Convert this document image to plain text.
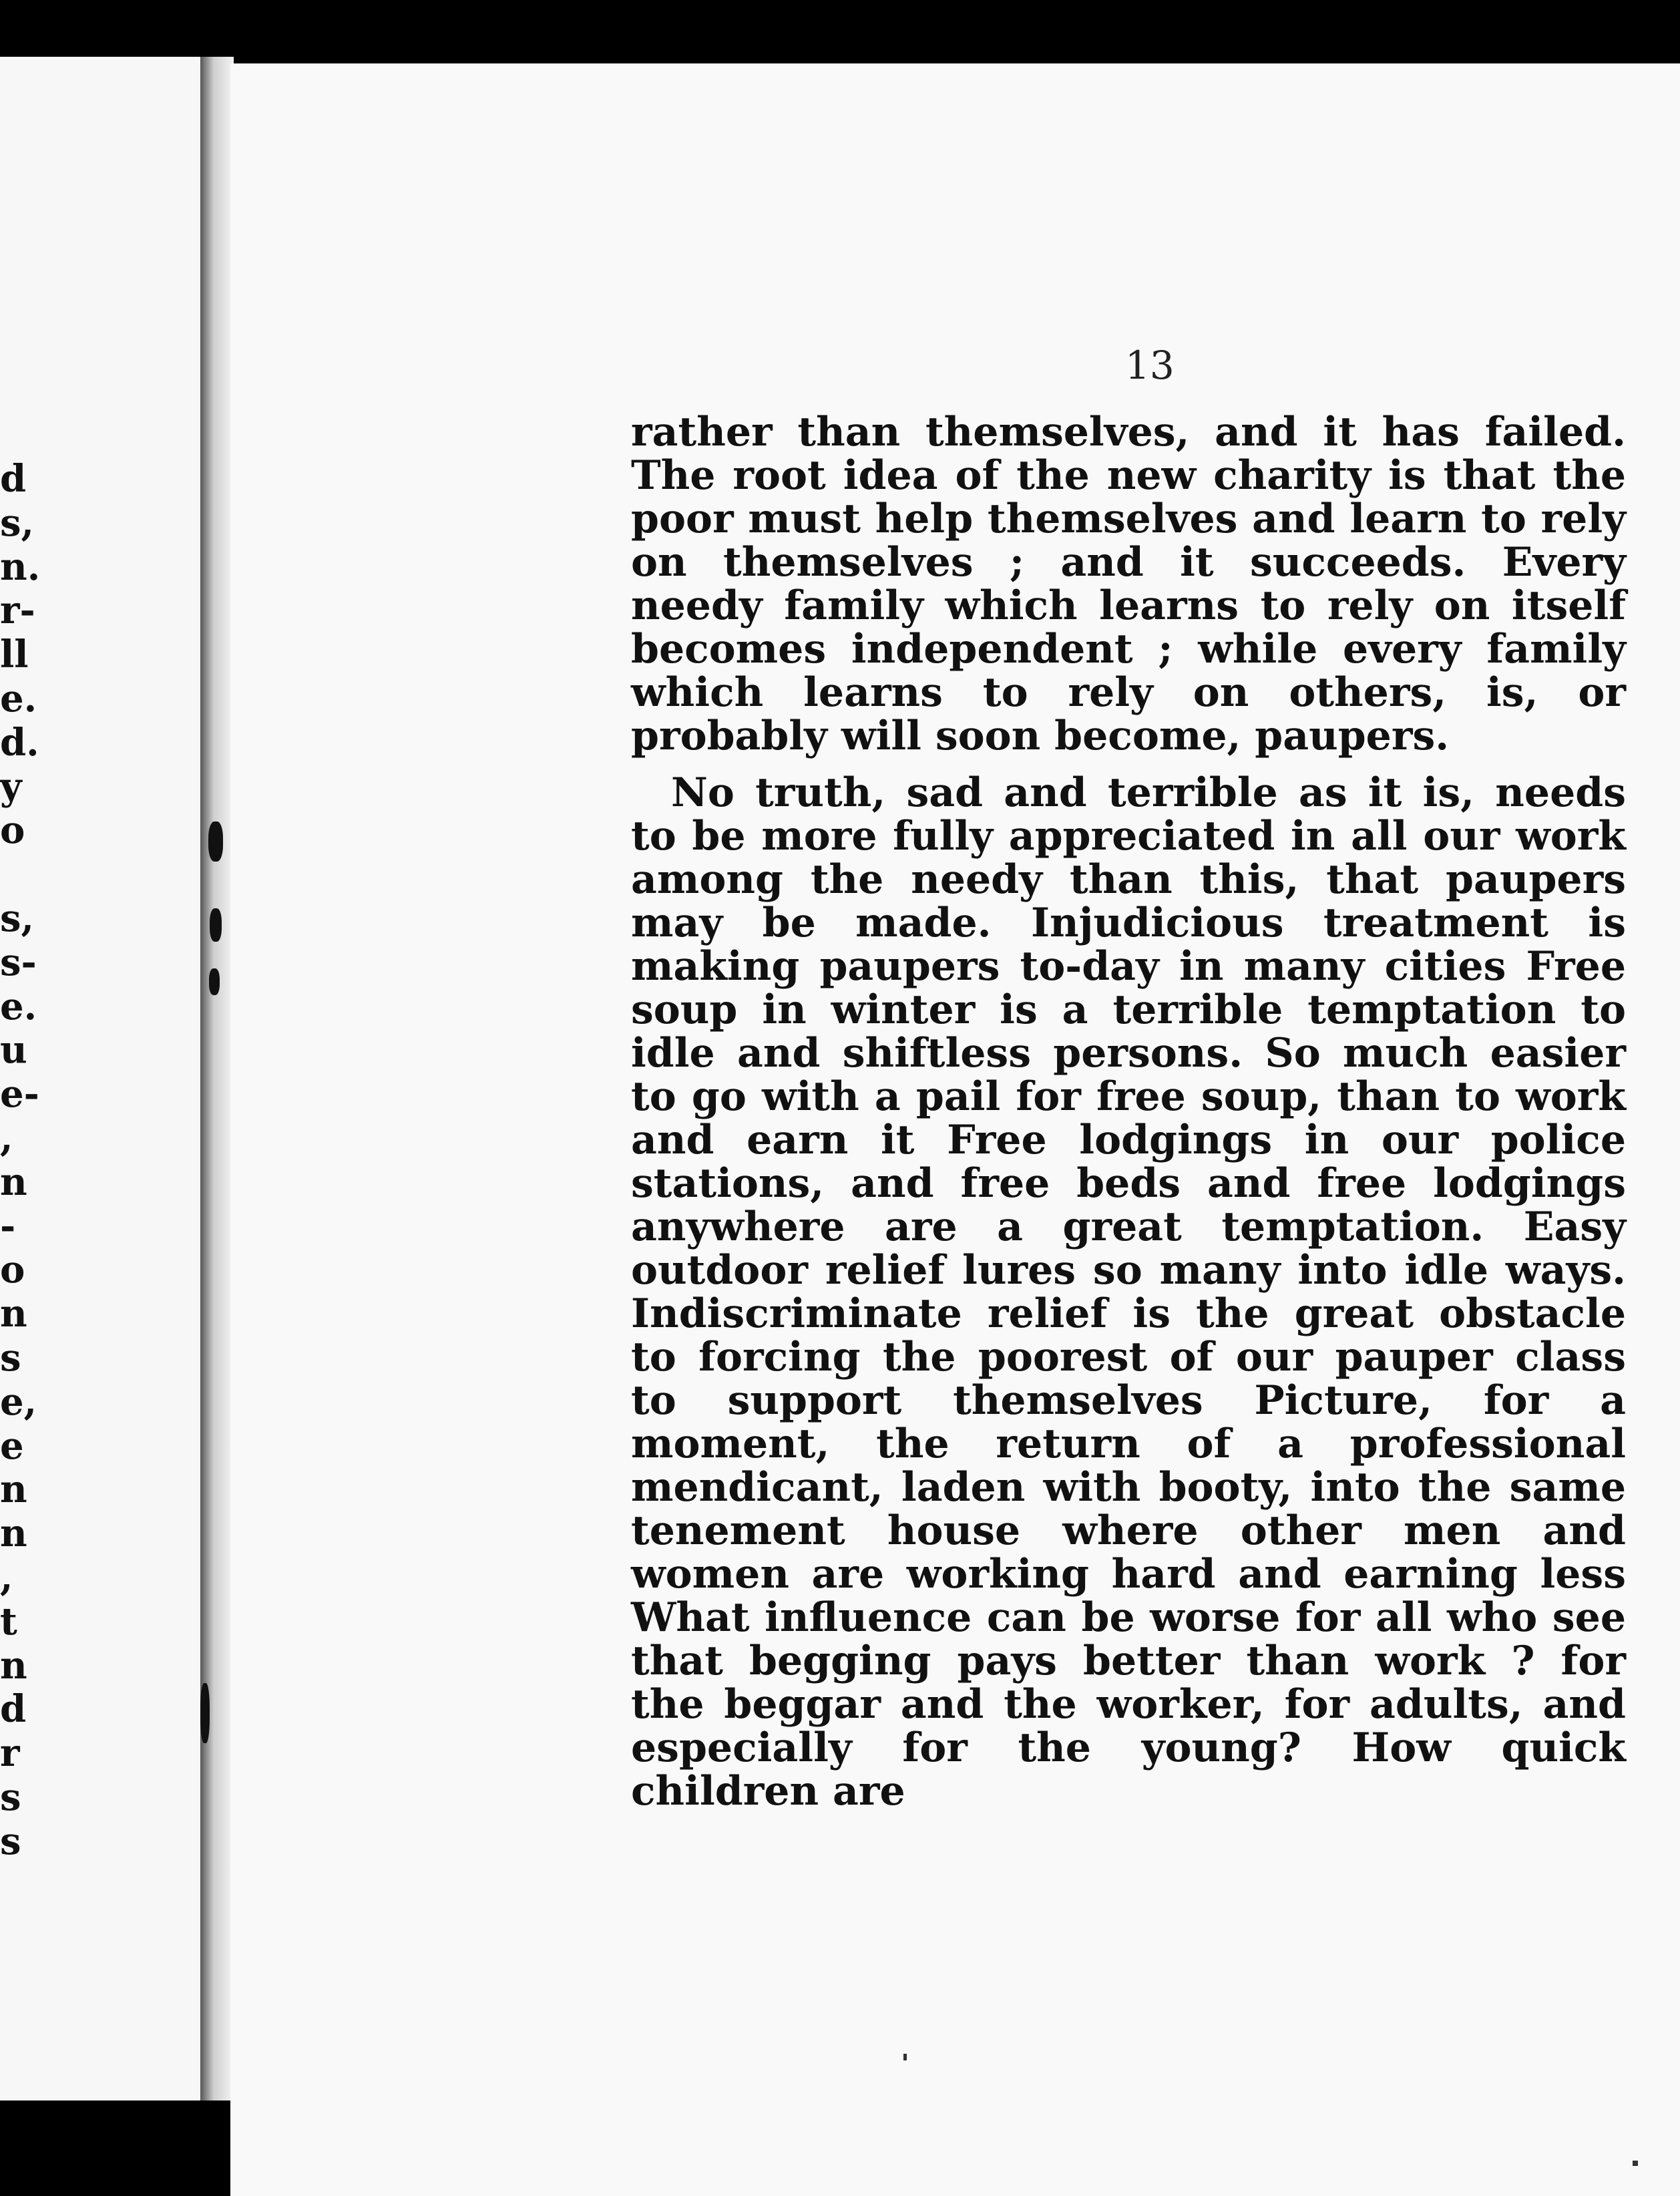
d
s,
n.
r-
ll
e.
d.
y
o
s,
s-
e.
u
e-
,
n
-
o
n
s
e,
e
n
n
,
t
n
d
r
s
s
13

rather than themselves, and it has failed. The root idea of the new charity is that the poor must help themselves and learn to rely on themselves ; and it succeeds. Every needy family which learns to rely on itself becomes independent ; while every family which learns to rely on others, is, or probably will soon become, paupers.

No truth, sad and terrible as it is, needs to be more fully appreciated in all our work among the needy than this, that paupers may be made. Injudicious treatment is making paupers to-day in many cities Free soup in winter is a terrible temptation to idle and shiftless persons. So much easier to go with a pail for free soup, than to work and earn it Free lodgings in our police stations, and free beds and free lodgings anywhere are a great temptation. Easy outdoor relief lures so many into idle ways. Indiscriminate relief is the great obstacle to forcing the poorest of our pauper class to support themselves Picture, for a moment, the return of a professional mendicant, laden with booty, into the same tenement house where other men and women are working hard and earning less What influence can be worse for all who see that begging pays better than work ? for the beggar and the worker, for adults, and especially for the young? How quick children are
